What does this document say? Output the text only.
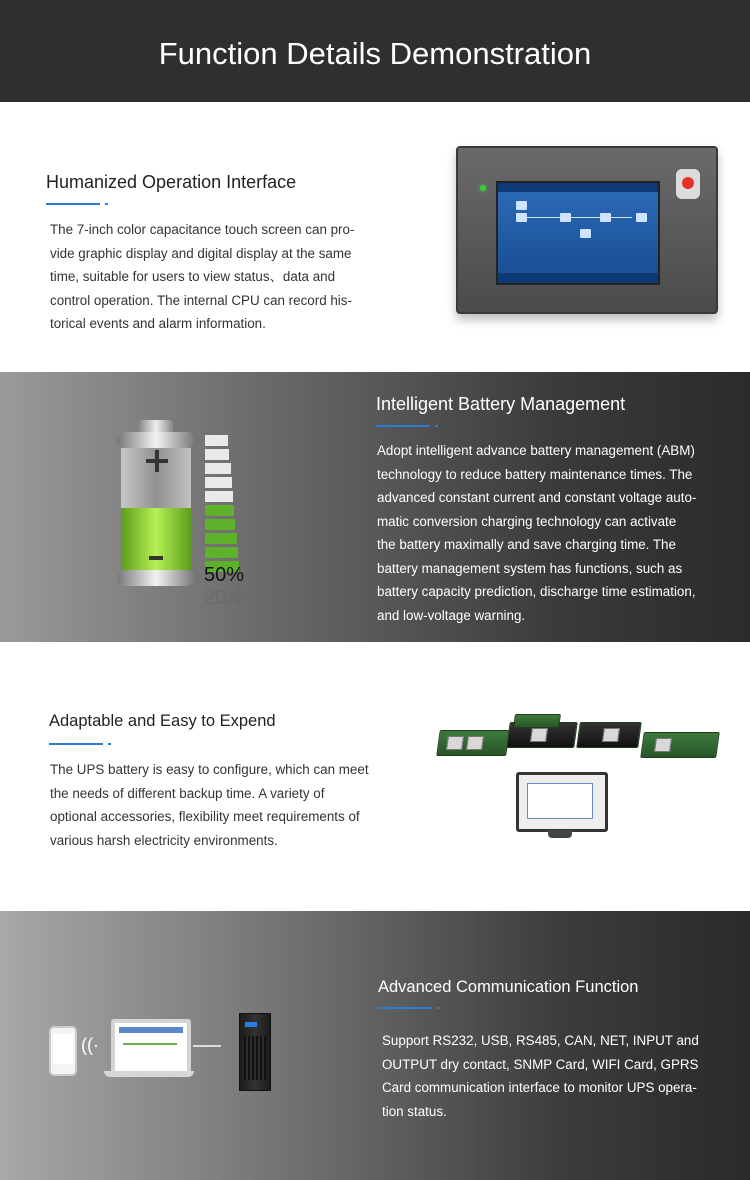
Function Details Demonstration
Humanized Operation Interface

The 7-inch color capacitance touch screen can pro-

vide graphic display and digital display at the same

time, suitable for users to view status、data and

control operation. The internal CPU can record his-

torical events and alarm information.

50%
50%
Intelligent Battery Management

Adopt intelligent advance battery management (ABM)

technology to reduce battery maintenance times. The

advanced constant current and constant voltage auto-

matic conversion charging technology can activate

the battery maximally and save charging time. The

battery management system has functions, such as

battery capacity prediction, discharge time estimation,

and low-voltage warning.

Adaptable and Easy to Expend

The UPS battery is easy to configure, which can meet

the needs of different backup time. A variety of

optional accessories, flexibility meet requirements of

various harsh electricity environments.

((·
Advanced Communication Function

Support RS232, USB, RS485, CAN, NET, INPUT and

OUTPUT dry contact, SNMP Card, WIFI Card, GPRS

Card communication interface to monitor UPS opera-

tion status.
